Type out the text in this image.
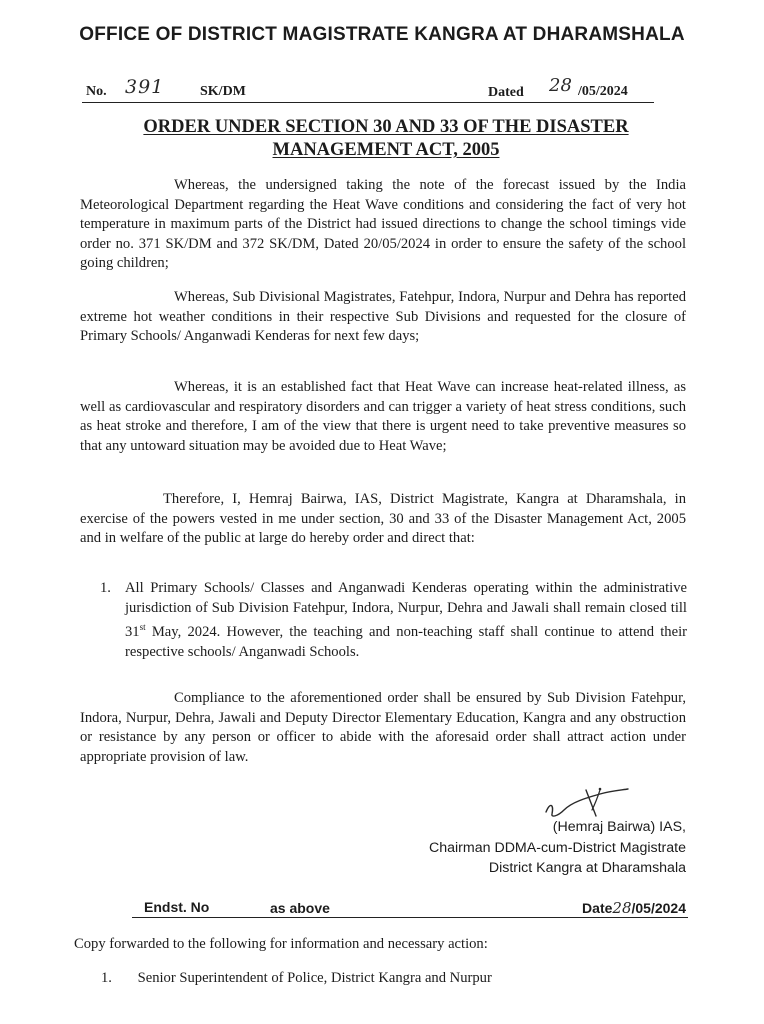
OFFICE OF DISTRICT MAGISTRATE KANGRA AT DHARAMSHALA
No. 391	SK/DM	Dated 28 /05/2024
ORDER UNDER SECTION 30 AND 33 OF THE DISASTER
MANAGEMENT ACT, 2005

Whereas, the undersigned taking the note of the forecast issued by the India Meteorological Department regarding the Heat Wave conditions and considering the fact of very hot temperature in maximum parts of the District had issued directions to change the school timings vide order no. 371 SK/DM and 372 SK/DM, Dated 20/05/2024 in order to ensure the safety of the school going children;

Whereas, Sub Divisional Magistrates, Fatehpur, Indora, Nurpur and Dehra has reported extreme hot weather conditions in their respective Sub Divisions and requested for the closure of Primary Schools/ Anganwadi Kenderas for next few days;

Whereas, it is an established fact that Heat Wave can increase heat-related illness, as well as cardiovascular and respiratory disorders and can trigger a variety of heat stress conditions, such as heat stroke and therefore, I am of the view that there is urgent need to take preventive measures so that any untoward situation may be avoided due to Heat Wave;

Therefore, I, Hemraj Bairwa, IAS, District Magistrate, Kangra at Dharamshala, in exercise of the powers vested in me under section, 30 and 33 of the Disaster Management Act, 2005 and in welfare of the public at large do hereby order and direct that:

1. All Primary Schools/ Classes and Anganwadi Kenderas operating within the administrative jurisdiction of Sub Division Fatehpur, Indora, Nurpur, Dehra and Jawali shall remain closed till 31st May, 2024. However, the teaching and non-teaching staff shall continue to attend their respective schools/ Anganwadi Schools.

Compliance to the aforementioned order shall be ensured by Sub Division Fatehpur, Indora, Nurpur, Dehra, Jawali and Deputy Director Elementary Education, Kangra and any obstruction or resistance by any person or officer to abide with the aforesaid order shall attract action under appropriate provision of law.

(Hemraj Bairwa) IAS,
Chairman DDMA-cum-District Magistrate
District Kangra at Dharamshala
Endst. No	as above	Date28/05/2024

Copy forwarded to the following for information and necessary action:

1. Senior Superintendent of Police, District Kangra and Nurpur
